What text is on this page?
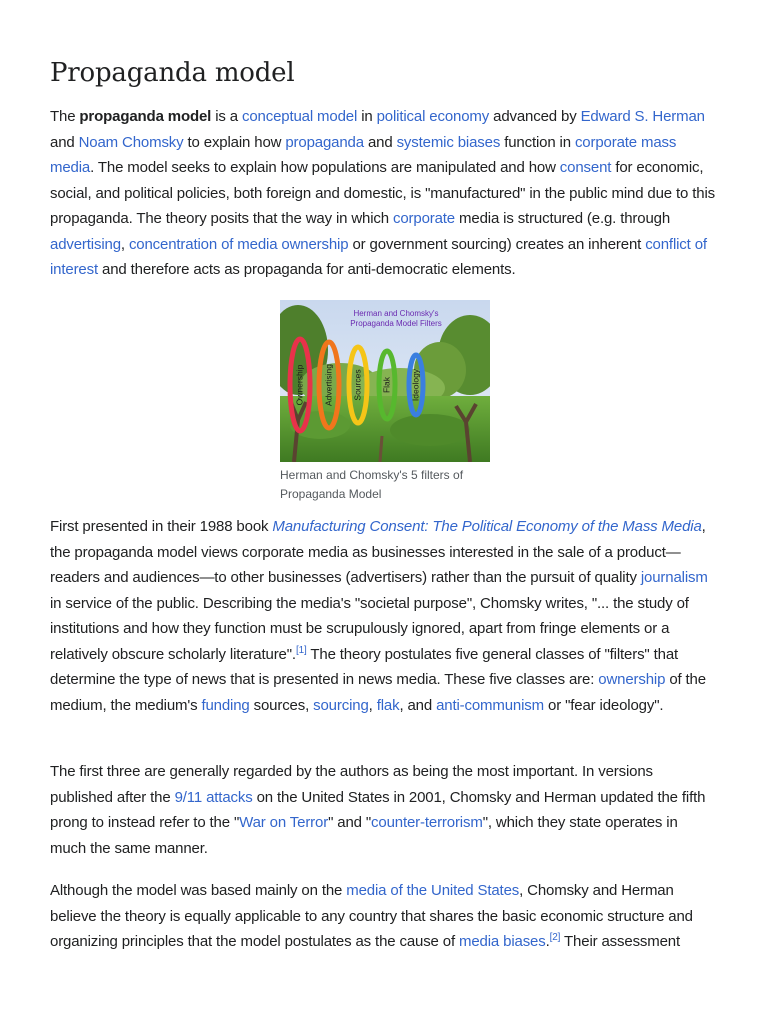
Propaganda model

The propaganda model is a conceptual model in political economy advanced by Edward S. Herman and Noam Chomsky to explain how propaganda and systemic biases function in corporate mass media. The model seeks to explain how populations are manipulated and how consent for economic, social, and political policies, both foreign and domestic, is "manufactured" in the public mind due to this propaganda. The theory posits that the way in which corporate media is structured (e.g. through advertising, concentration of media ownership or government sourcing) creates an inherent conflict of interest and therefore acts as propaganda for anti-democratic elements.

Herman and Chomsky's
Propaganda Model Filters
Ownership Advertising Sources Flak Ideology
Herman and Chomsky's 5 filters of Propaganda Model

First presented in their 1988 book Manufacturing Consent: The Political Economy of the Mass Media, the propaganda model views corporate media as businesses interested in the sale of a product—readers and audiences—to other businesses (advertisers) rather than the pursuit of quality journalism in service of the public. Describing the media's "societal purpose", Chomsky writes, "... the study of institutions and how they function must be scrupulously ignored, apart from fringe elements or a relatively obscure scholarly literature".[1] The theory postulates five general classes of "filters" that determine the type of news that is presented in news media. These five classes are: ownership of the medium, the medium's funding sources, sourcing, flak, and anti-communism or "fear ideology".

The first three are generally regarded by the authors as being the most important. In versions published after the 9/11 attacks on the United States in 2001, Chomsky and Herman updated the fifth prong to instead refer to the "War on Terror" and "counter-terrorism", which they state operates in much the same manner.

Although the model was based mainly on the media of the United States, Chomsky and Herman believe the theory is equally applicable to any country that shares the basic economic structure and organizing principles that the model postulates as the cause of media biases.[2] Their assessment
